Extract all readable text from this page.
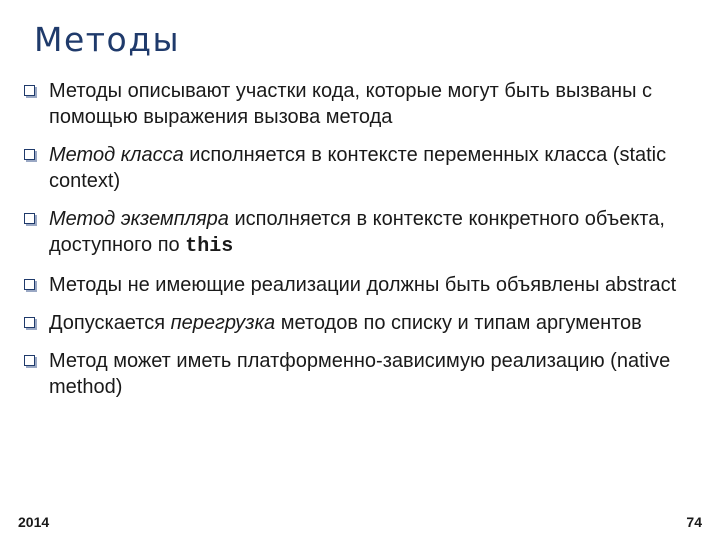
Методы
Методы описывают участки кода, которые могут быть вызваны с помощью выражения вызова метода
Метод класса исполняется в контексте переменных класса (static context)
Метод экземпляра исполняется в контексте конкретного объекта, доступного по this
Методы не имеющие реализации должны быть объявлены abstract
Допускается перегрузка методов по списку и типам аргументов
Метод может иметь платформенно-зависимую реализацию (native method)
2014	74
